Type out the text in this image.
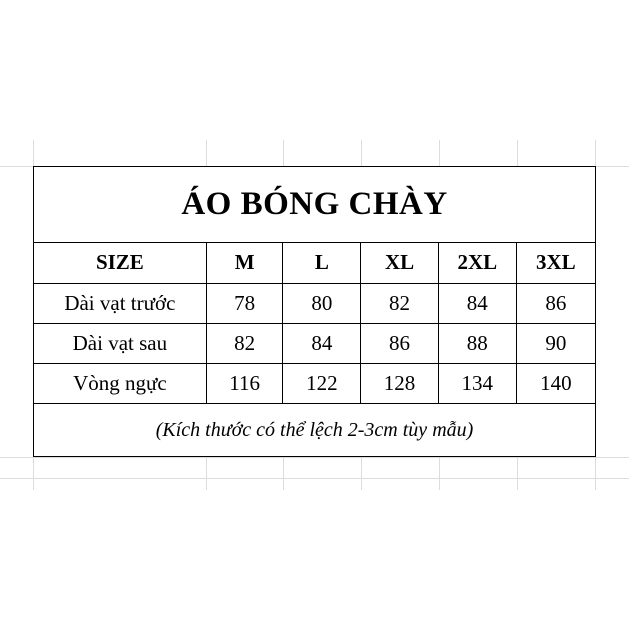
ÁO BÓNG CHÀY
SIZE	M	L	XL	2XL	3XL
Dài vạt trước	78	80	82	84	86
Dài vạt sau	82	84	86	88	90
Vòng ngực	116	122	128	134	140
(Kích thước có thể lệch 2-3cm tùy mẫu)
